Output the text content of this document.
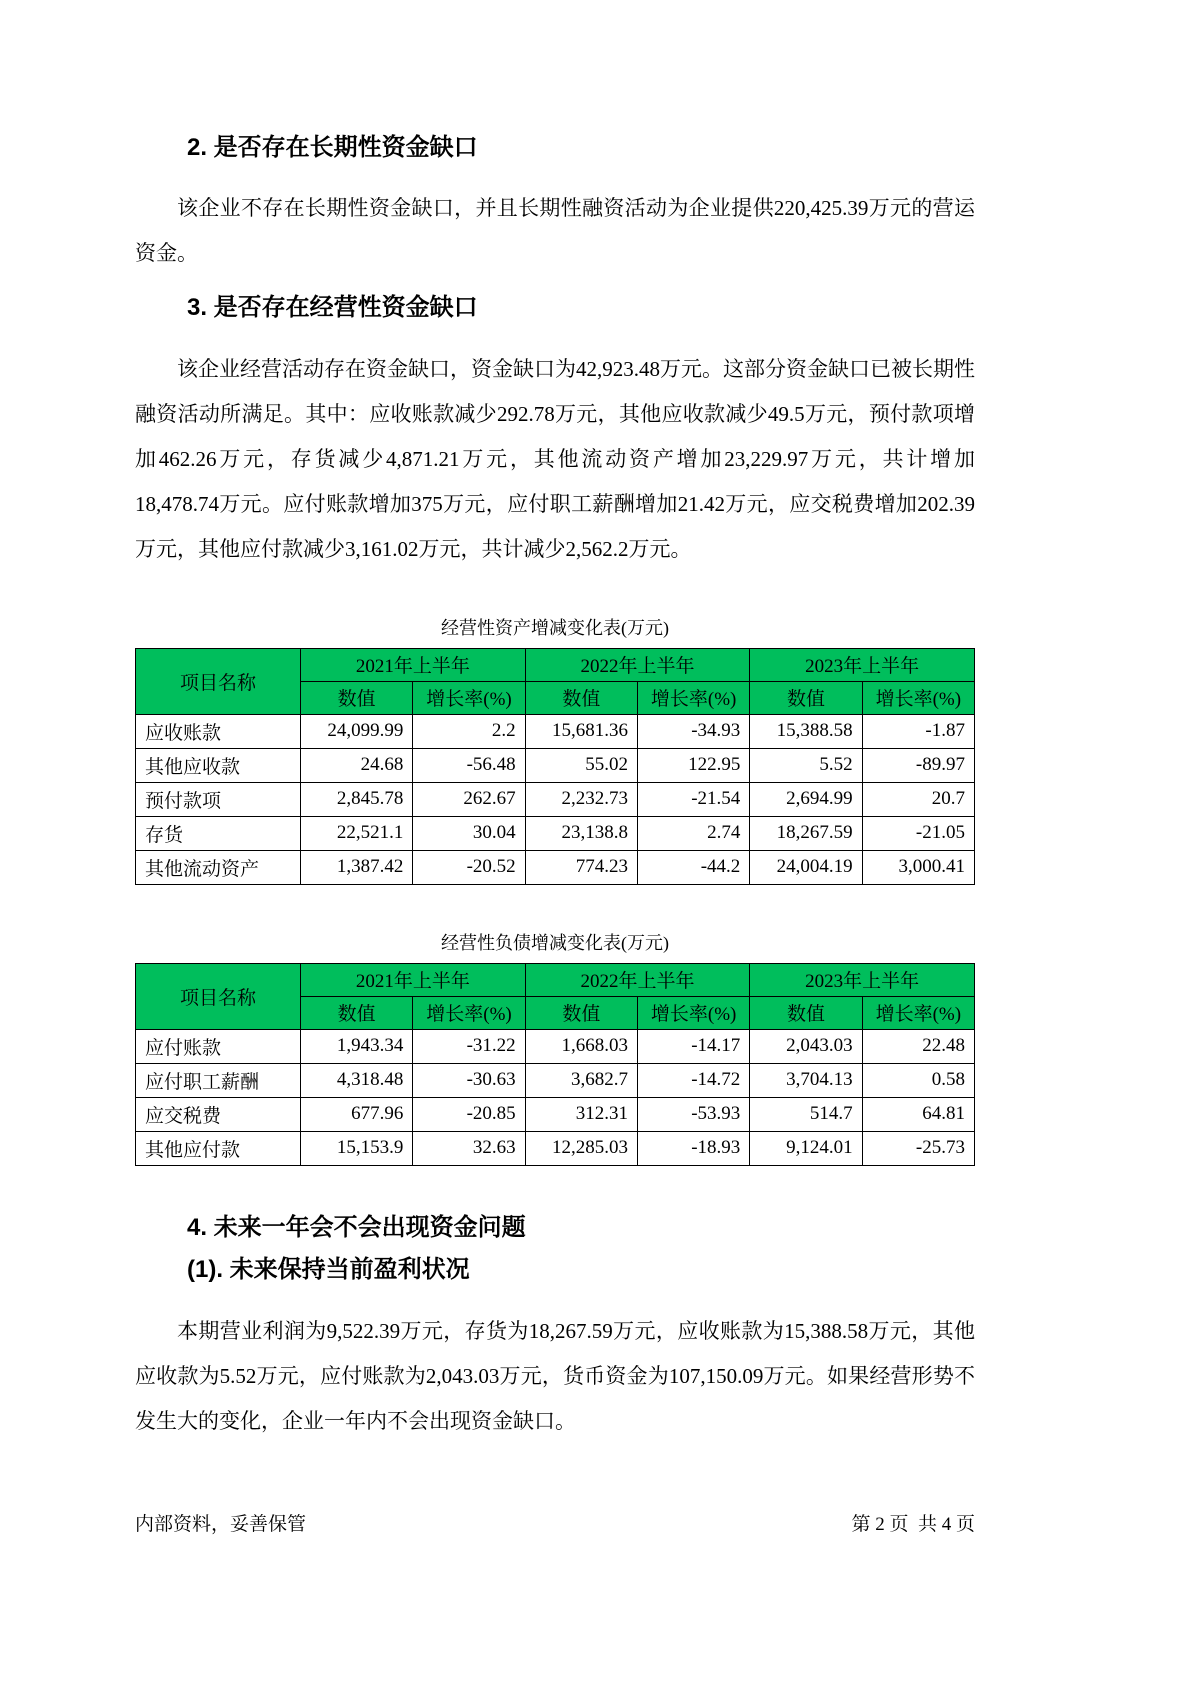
2. 是否存在长期性资金缺口

该企业不存在长期性资金缺口，并且长期性融资活动为企业提供220,425.39万元的营运资金。

3. 是否存在经营性资金缺口

该企业经营活动存在资金缺口，资金缺口为42,923.48万元。这部分资金缺口已被长期性融资活动所满足。其中：应收账款减少292.78万元，其他应收款减少49.5万元，预付款项增加462.26万元，存货减少4,871.21万元，其他流动资产增加23,229.97万元，共计增加18,478.74万元。应付账款增加375万元，应付职工薪酬增加21.42万元，应交税费增加202.39万元，其他应付款减少3,161.02万元，共计减少2,562.2万元。

经营性资产增减变化表(万元)
项目名称	2021年上半年		2022年上半年		2023年上半年	
	数值	增长率(%)	数值	增长率(%)	数值	增长率(%)
应收账款	24,099.99	2.2	15,681.36	-34.93	15,388.58	-1.87
其他应收款	24.68	-56.48	55.02	122.95	5.52	-89.97
预付款项	2,845.78	262.67	2,232.73	-21.54	2,694.99	20.7
存货	22,521.1	30.04	23,138.8	2.74	18,267.59	-21.05
其他流动资产	1,387.42	-20.52	774.23	-44.2	24,004.19	3,000.41
经营性负债增减变化表(万元)
项目名称	2021年上半年		2022年上半年		2023年上半年	
	数值	增长率(%)	数值	增长率(%)	数值	增长率(%)
应付账款	1,943.34	-31.22	1,668.03	-14.17	2,043.03	22.48
应付职工薪酬	4,318.48	-30.63	3,682.7	-14.72	3,704.13	0.58
应交税费	677.96	-20.85	312.31	-53.93	514.7	64.81
其他应付款	15,153.9	32.63	12,285.03	-18.93	9,124.01	-25.73
4. 未来一年会不会出现资金问题
(1). 未来保持当前盈利状况

本期营业利润为9,522.39万元，存货为18,267.59万元，应收账款为15,388.58万元，其他应收款为5.52万元，应付账款为2,043.03万元，货币资金为107,150.09万元。如果经营形势不发生大的变化，企业一年内不会出现资金缺口。

内部资料，妥善保管	第 2 页  共 4 页
